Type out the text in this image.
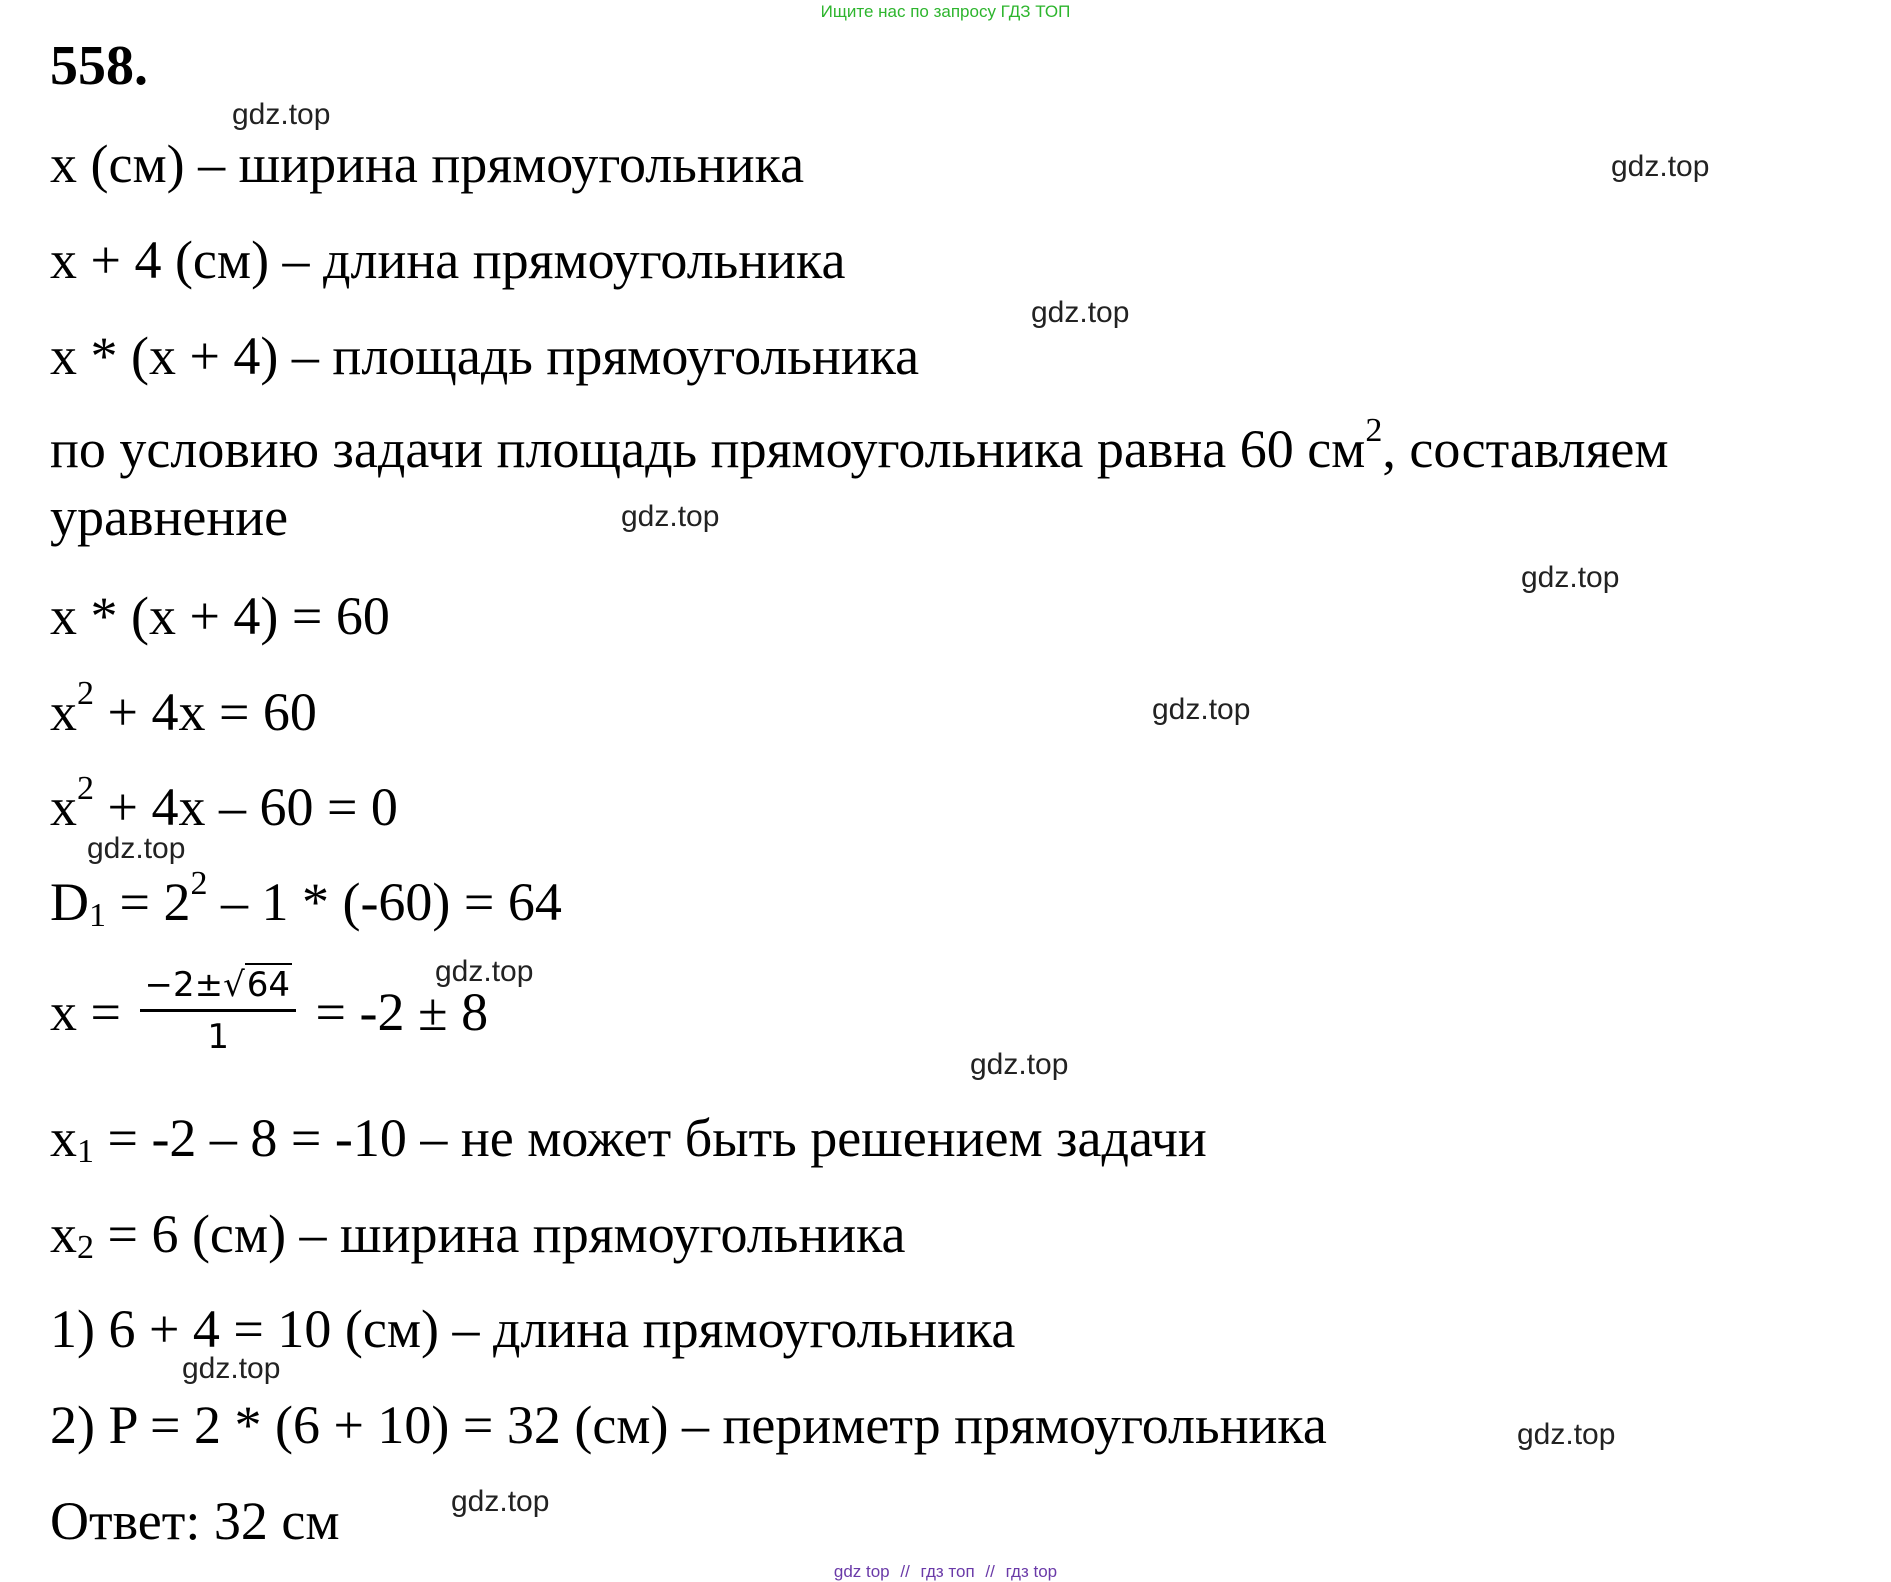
Ищите нас по запросу ГДЗ ТОП
558.
x (см) – ширина прямоугольника
x + 4 (см) – длина прямоугольника
x * (x + 4) – площадь прямоугольника
по условию задачи площадь прямоугольника равна 60 $см^2$, составляем уравнение
x * (x + 4) = 60
$x^2 + 4x = 60$
$x^2 + 4x - 60 = 0$
$D_1 = 2^2 - 1 * (-60) = 64$
$x = \frac{-2\pm√64}{1} = -2 \pm 8$
$x_1 = -2 - 8 = -10$ – не может быть решением задачи
$x_2 = 6$ (см) – ширина прямоугольника
1) 6 + 4 = 10 (см) – длина прямоугольника
2) P = 2 * (6 + 10) = 32 (см) – периметр прямоугольника
Ответ: 32 см
gdz.top
gdz.top
gdz.top
gdz.top
gdz.top
gdz.top
gdz.top
gdz.top
gdz.top
gdz.top
gdz.top
gdz.top
gdz top // гдз топ // гдз top
